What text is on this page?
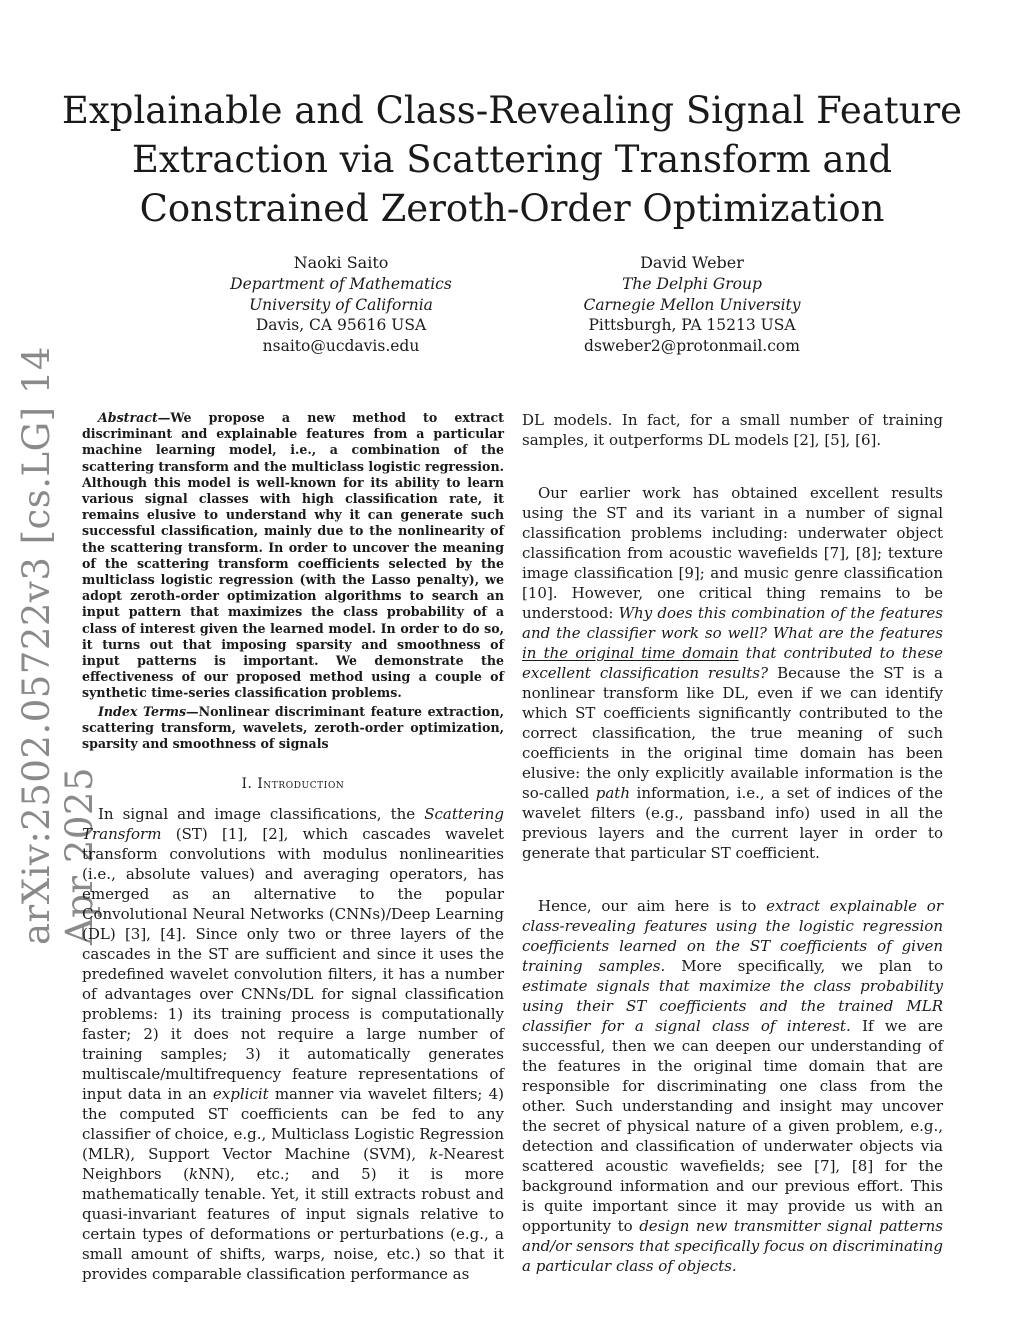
arXiv:2502.05722v3 [cs.LG] 14 Apr 2025
Explainable and Class-Revealing Signal Feature Extraction via Scattering Transform and Constrained Zeroth-Order Optimization
Naoki Saito
Department of Mathematics
University of California
Davis, CA 95616 USA
nsaito@ucdavis.edu
David Weber
The Delphi Group
Carnegie Mellon University
Pittsburgh, PA 15213 USA
dsweber2@protonmail.com

Abstract—We propose a new method to extract discriminant and explainable features from a particular machine learning model, i.e., a combination of the scattering transform and the multiclass logistic regression. Although this model is well-known for its ability to learn various signal classes with high classification rate, it remains elusive to understand why it can generate such successful classification, mainly due to the nonlinearity of the scattering transform. In order to uncover the meaning of the scattering transform coefficients selected by the multiclass logistic regression (with the Lasso penalty), we adopt zeroth-order optimization algorithms to search an input pattern that maximizes the class probability of a class of interest given the learned model. In order to do so, it turns out that imposing sparsity and smoothness of input patterns is important. We demonstrate the effectiveness of our proposed method using a couple of synthetic time-series classification problems.

Index Terms—Nonlinear discriminant feature extraction, scattering transform, wavelets, zeroth-order optimization, sparsity and smoothness of signals

I. Introduction

In signal and image classifications, the Scattering Transform (ST) [1], [2], which cascades wavelet transform convolutions with modulus nonlinearities (i.e., absolute values) and averaging operators, has emerged as an alternative to the popular Convolutional Neural Networks (CNNs)/Deep Learning (DL) [3], [4]. Since only two or three layers of the cascades in the ST are sufficient and since it uses the predefined wavelet convolution filters, it has a number of advantages over CNNs/DL for signal classification problems: 1) its training process is computationally faster; 2) it does not require a large number of training samples; 3) it automatically generates multiscale/multifrequency feature representations of input data in an explicit manner via wavelet filters; 4) the computed ST coefficients can be fed to any classifier of choice, e.g., Multiclass Logistic Regression (MLR), Support Vector Machine (SVM), k-Nearest Neighbors (kNN), etc.; and 5) it is more mathematically tenable. Yet, it still extracts robust and quasi-invariant features of input signals relative to certain types of deformations or perturbations (e.g., a small amount of shifts, warps, noise, etc.) so that it provides comparable classification performance as

DL models. In fact, for a small number of training samples, it outperforms DL models [2], [5], [6].

Our earlier work has obtained excellent results using the ST and its variant in a number of signal classification problems including: underwater object classification from acoustic wavefields [7], [8]; texture image classification [9]; and music genre classification [10]. However, one critical thing remains to be understood: Why does this combination of the features and the classifier work so well? What are the features in the original time domain that contributed to these excellent classification results? Because the ST is a nonlinear transform like DL, even if we can identify which ST coefficients significantly contributed to the correct classification, the true meaning of such coefficients in the original time domain has been elusive: the only explicitly available information is the so-called path information, i.e., a set of indices of the wavelet filters (e.g., passband info) used in all the previous layers and the current layer in order to generate that particular ST coefficient.

Hence, our aim here is to extract explainable or class-revealing features using the logistic regression coefficients learned on the ST coefficients of given training samples. More specifically, we plan to estimate signals that maximize the class probability using their ST coefficients and the trained MLR classifier for a signal class of interest. If we are successful, then we can deepen our understanding of the features in the original time domain that are responsible for discriminating one class from the other. Such understanding and insight may uncover the secret of physical nature of a given problem, e.g., detection and classification of underwater objects via scattered acoustic wavefields; see [7], [8] for the background information and our previous effort. This is quite important since it may provide us with an opportunity to design new transmitter signal patterns and/or sensors that specifically focus on discriminating a particular class of objects.
